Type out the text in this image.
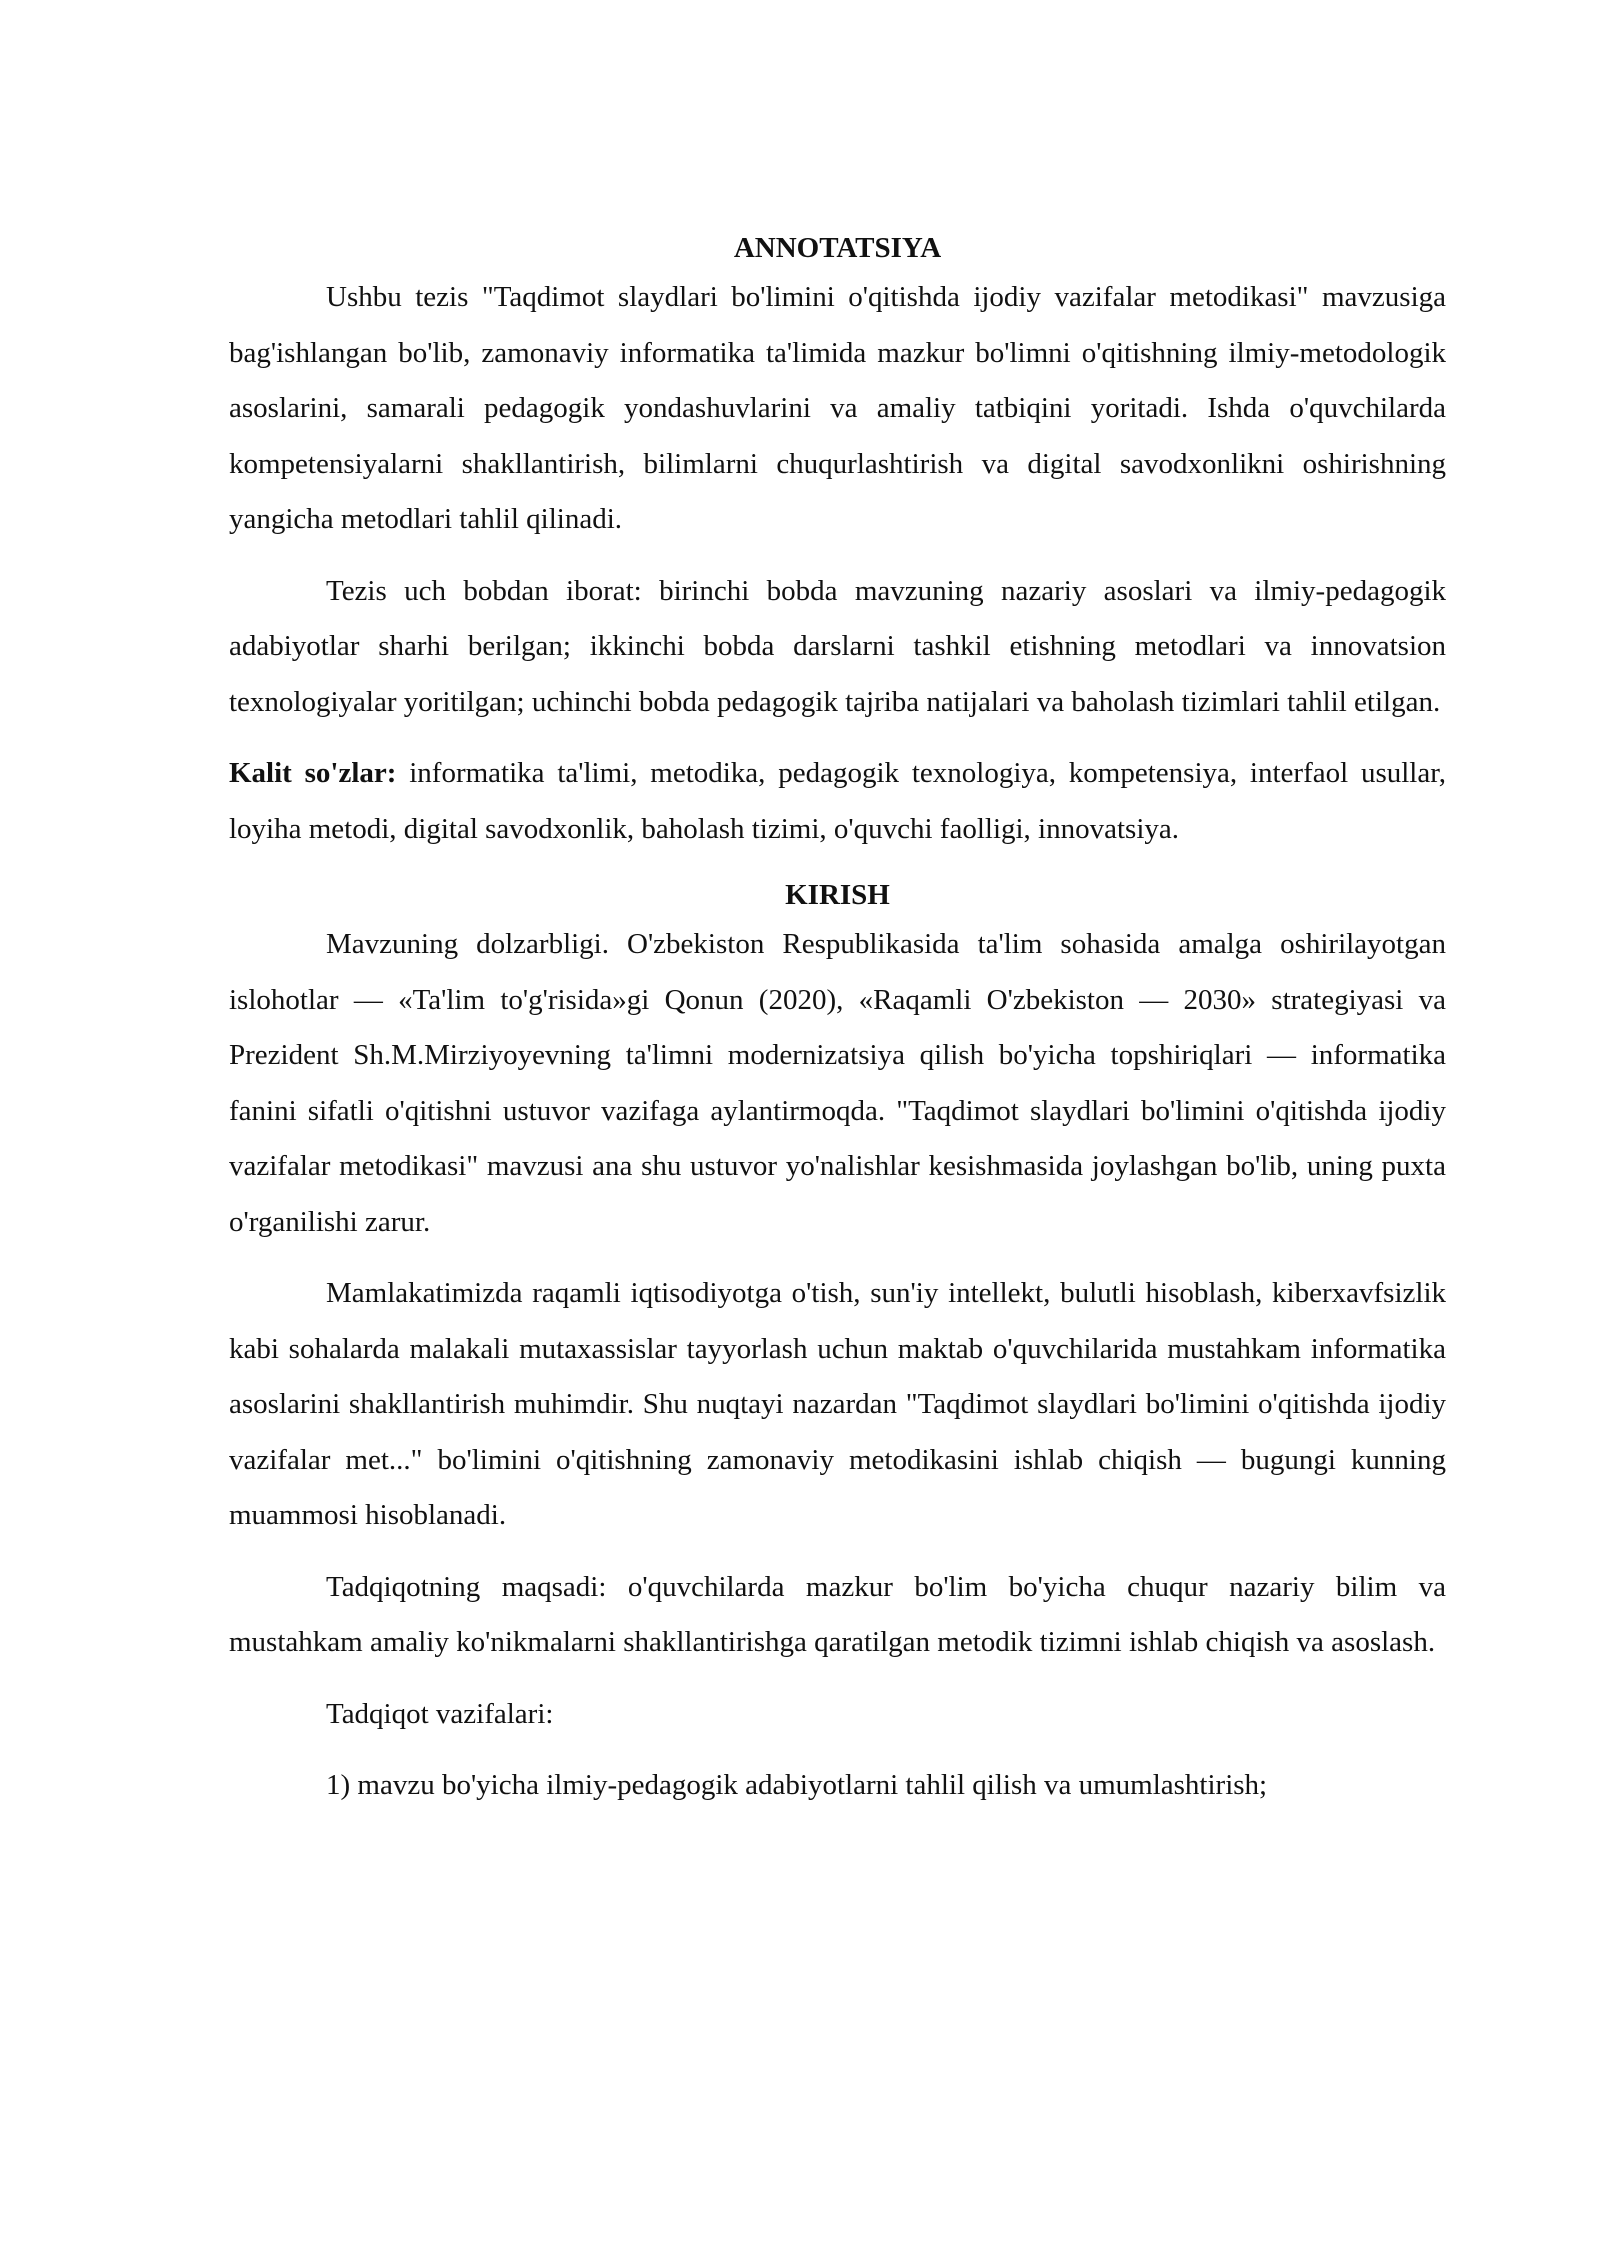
ANNOTATSIYA

Ushbu tezis "Taqdimot slaydlari bo'limini o'qitishda ijodiy vazifalar metodikasi" mavzusiga bag'ishlangan bo'lib, zamonaviy informatika ta'limida mazkur bo'limni o'qitishning ilmiy-metodologik asoslarini, samarali pedagogik yondashuvlarini va amaliy tatbiqini yoritadi. Ishda o'quvchilarda kompetensiyalarni shakllantirish, bilimlarni chuqurlashtirish va digital savodxonlikni oshirishning yangicha metodlari tahlil qilinadi.

Tezis uch bobdan iborat: birinchi bobda mavzuning nazariy asoslari va ilmiy-pedagogik adabiyotlar sharhi berilgan; ikkinchi bobda darslarni tashkil etishning metodlari va innovatsion texnologiyalar yoritilgan; uchinchi bobda pedagogik tajriba natijalari va baholash tizimlari tahlil etilgan.

Kalit so'zlar: informatika ta'limi, metodika, pedagogik texnologiya, kompetensiya, interfaol usullar, loyiha metodi, digital savodxonlik, baholash tizimi, o'quvchi faolligi, innovatsiya.

KIRISH

Mavzuning dolzarbligi. O'zbekiston Respublikasida ta'lim sohasida amalga oshirilayotgan islohotlar — «Ta'lim to'g'risida»gi Qonun (2020), «Raqamli O'zbekiston — 2030» strategiyasi va Prezident Sh.M.Mirziyoyevning ta'limni modernizatsiya qilish bo'yicha topshiriqlari — informatika fanini sifatli o'qitishni ustuvor vazifaga aylantirmoqda. "Taqdimot slaydlari bo'limini o'qitishda ijodiy vazifalar metodikasi" mavzusi ana shu ustuvor yo'nalishlar kesishmasida joylashgan bo'lib, uning puxta o'rganilishi zarur.

Mamlakatimizda raqamli iqtisodiyotga o'tish, sun'iy intellekt, bulutli hisoblash, kiberxavfsizlik kabi sohalarda malakali mutaxassislar tayyorlash uchun maktab o'quvchilarida mustahkam informatika asoslarini shakllantirish muhimdir. Shu nuqtayi nazardan "Taqdimot slaydlari bo'limini o'qitishda ijodiy vazifalar met..." bo'limini o'qitishning zamonaviy metodikasini ishlab chiqish — bugungi kunning muammosi hisoblanadi.

Tadqiqotning maqsadi: o'quvchilarda mazkur bo'lim bo'yicha chuqur nazariy bilim va mustahkam amaliy ko'nikmalarni shakllantirishga qaratilgan metodik tizimni ishlab chiqish va asoslash.

Tadqiqot vazifalari:

1) mavzu bo'yicha ilmiy-pedagogik adabiyotlarni tahlil qilish va umumlashtirish;
